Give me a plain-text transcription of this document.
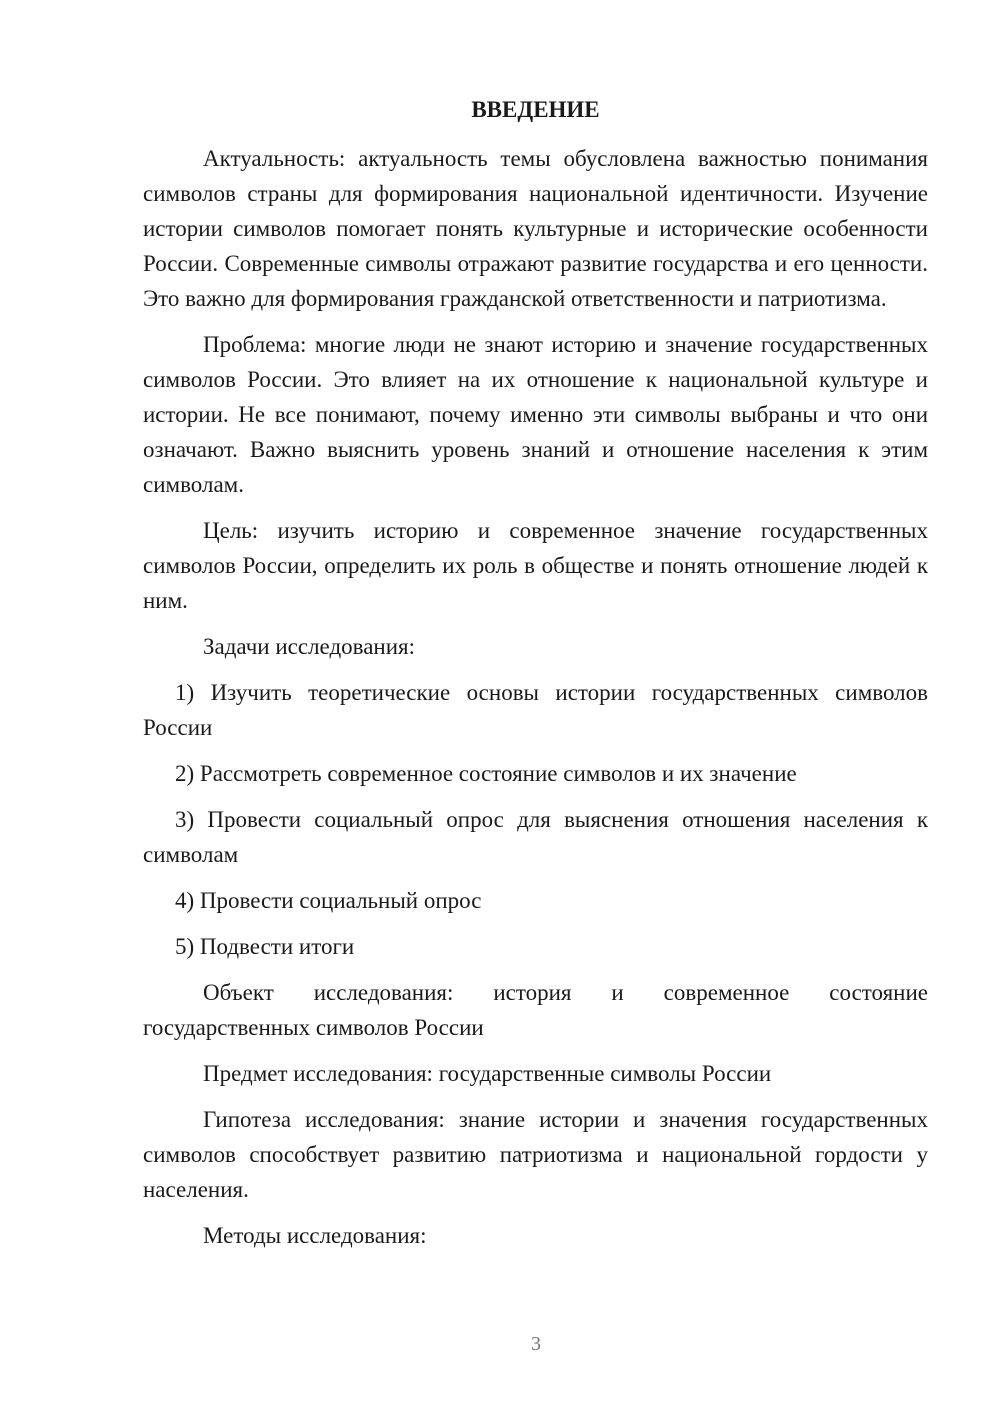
ВВЕДЕНИЕ

Актуальность: актуальность темы обусловлена важностью понимания символов страны для формирования национальной идентичности. Изучение истории символов помогает понять культурные и исторические особенности России. Современные символы отражают развитие государства и его ценности. Это важно для формирования гражданской ответственности и патриотизма.

Проблема: многие люди не знают историю и значение государственных символов России. Это влияет на их отношение к национальной культуре и истории. Не все понимают, почему именно эти символы выбраны и что они означают. Важно выяснить уровень знаний и отношение населения к этим символам.

Цель: изучить историю и современное значение государственных символов России, определить их роль в обществе и понять отношение людей к ним.

Задачи исследования:

1) Изучить теоретические основы истории государственных символов России

2) Рассмотреть современное состояние символов и их значение

3) Провести социальный опрос для выяснения отношения населения к символам

4) Провести социальный опрос

5) Подвести итоги

Объект исследования: история и современное состояние государственных символов России

Предмет исследования: государственные символы России

Гипотеза исследования: знание истории и значения государственных символов способствует развитию патриотизма и национальной гордости у населения.

Методы исследования:

3
